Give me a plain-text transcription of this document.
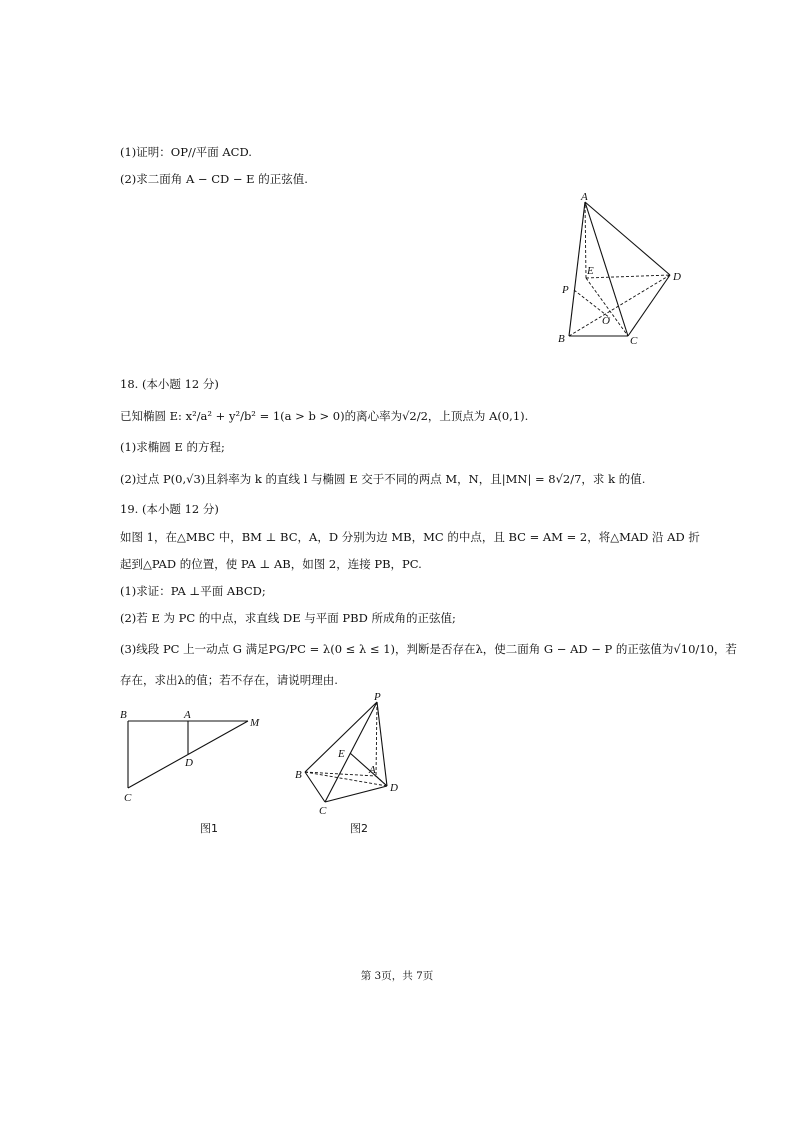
(1)证明：OP//平面 ACD.
(2)求二面角 A − CD − E 的正弦值.
A
E	D
P
O
B	C
18. (本小题 12 分)
已知椭圆 E: x²/a² + y²/b² = 1(a > b > 0)的离心率为√2/2，上顶点为 A(0,1).
(1)求椭圆 E 的方程;
(2)过点 P(0,√3)且斜率为 k 的直线 l 与椭圆 E 交于不同的两点 M，N，且|MN| = 8√2/7，求 k 的值.
19. (本小题 12 分)
如图 1，在△MBC 中，BM ⊥ BC，A，D 分别为边 MB，MC 的中点，且 BC = AM = 2，将△MAD 沿 AD 折
起到△PAD 的位置，使 PA ⊥ AB，如图 2，连接 PB，PC.
(1)求证：PA ⊥平面 ABCD;
(2)若 E 为 PC 的中点，求直线 DE 与平面 PBD 所成角的正弦值;
(3)线段 PC 上一动点 G 满足PG/PC = λ(0 ≤ λ ≤ 1)，判断是否存在λ，使二面角 G − AD − P 的正弦值为√10/10，若
存在，求出λ的值；若不存在，请说明理由.
B	A
M
D
C
图1
P
E
A
B
D
C
图2
第 3页，共 7页
